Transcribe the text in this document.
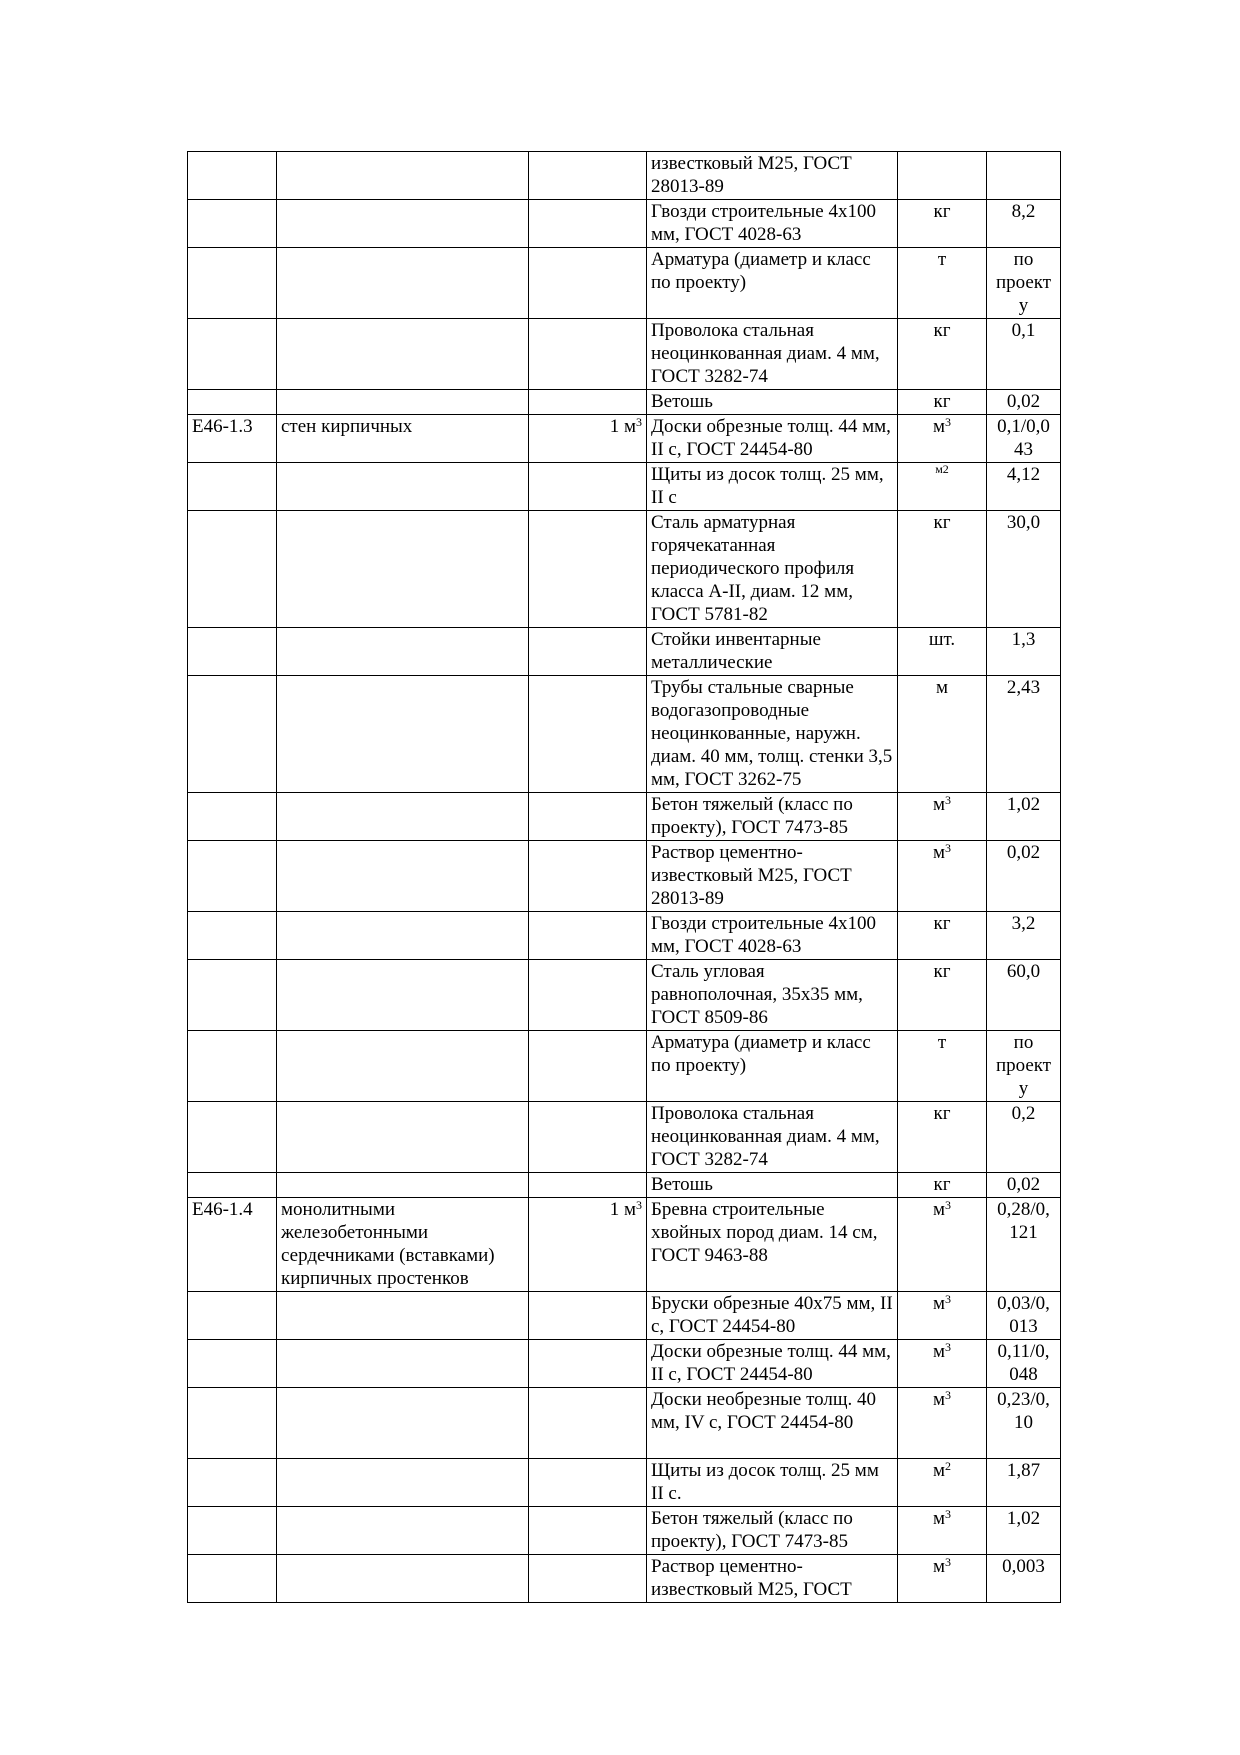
			известковый М25, ГОСТ 28013-89		
			Гвозди строительные 4х100 мм, ГОСТ 4028-63	кг	8,2
			Арматура (диаметр и класс по проекту)	т	по проект у
			Проволока стальная неоцинкованная диам. 4 мм, ГОСТ 3282-74	кг	0,1
			Ветошь	кг	0,02
Е46-1.3	стен кирпичных	1 $м^3$	Доски обрезные толщ. 44 мм, II с, ГОСТ 24454-80	$м^3$	0,1/0,0 43
			Щиты из досок толщ. 25 мм, II с	$^{м2}$	4,12
			Сталь арматурная горячекатанная периодического профиля класса А-II, диам. 12 мм, ГОСТ 5781-82	кг	30,0
			Стойки инвентарные металлические	шт.	1,3
			Трубы стальные сварные водогазопроводные неоцинкованные, наружн. диам. 40 мм, толщ. стенки 3,5 мм, ГОСТ 3262-75	м	2,43
			Бетон тяжелый (класс по проекту), ГОСТ 7473-85	$м^3$	1,02
			Раствор цементно-известковый М25, ГОСТ 28013-89	$м^3$	0,02
			Гвозди строительные 4х100 мм, ГОСТ 4028-63	кг	3,2
			Сталь угловая равнополочная, 35х35 мм, ГОСТ 8509-86	кг	60,0
			Арматура (диаметр и класс по проекту)	т	по проект у
			Проволока стальная неоцинкованная диам. 4 мм, ГОСТ 3282-74	кг	0,2
			Ветошь	кг	0,02
Е46-1.4	монолитными железобетонными сердечниками (вставками) кирпичных простенков	1 $м^3$	Бревна строительные хвойных пород диам. 14 см, ГОСТ 9463-88	$м^3$	0,28/0, 121
			Бруски обрезные 40х75 мм, II с, ГОСТ 24454-80	$м^3$	0,03/0, 013
			Доски обрезные толщ. 44 мм, II с, ГОСТ 24454-80	$м^3$	0,11/0, 048
			Доски необрезные толщ. 40 мм, IV с, ГОСТ 24454-80	$м^3$	0,23/0, 10
			Щиты из досок толщ. 25 мм II с.	$м^2$	1,87
			Бетон тяжелый (класс по проекту), ГОСТ 7473-85	$м^3$	1,02
			Раствор цементно-известковый М25, ГОСТ	$м^3$	0,003
